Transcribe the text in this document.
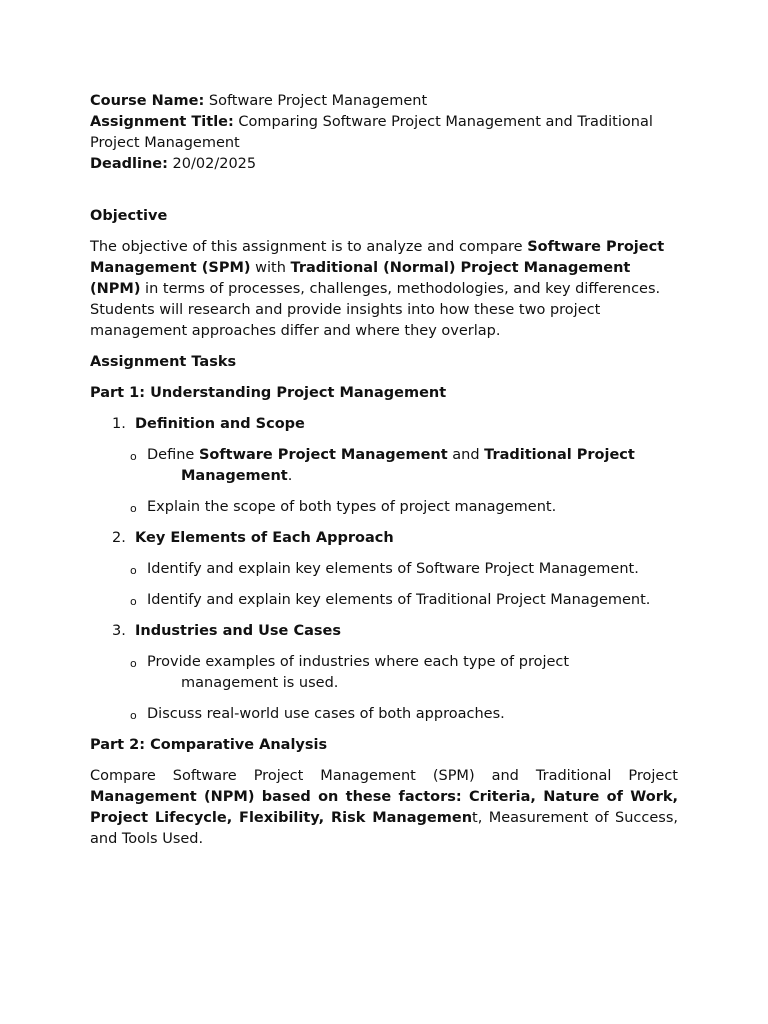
Course Name: Software Project Management

Assignment Title: Comparing Software Project Management and Traditional
Project Management

Deadline: 20/02/2025

Objective

The objective of this assignment is to analyze and compare Software Project Management (SPM) with Traditional (Normal) Project Management (NPM) in terms of processes, challenges, methodologies, and key differences. Students will research and provide insights into how these two project management approaches differ and where they overlap.

Assignment Tasks

Part 1: Understanding Project Management

1. Definition and Scope
o Define Software Project Management and Traditional Project
Management.
o Explain the scope of both types of project management.
2. Key Elements of Each Approach
o Identify and explain key elements of Software Project Management.
o Identify and explain key elements of Traditional Project Management.
3. Industries and Use Cases
o Provide examples of industries where each type of project
management is used.
o Discuss real-world use cases of both approaches.

Part 2: Comparative Analysis

Compare Software Project Management (SPM) and Traditional Project Management (NPM) based on these factors: Criteria, Nature of Work, Project Lifecycle, Flexibility, Risk Management, Measurement of Success, and Tools Used.
